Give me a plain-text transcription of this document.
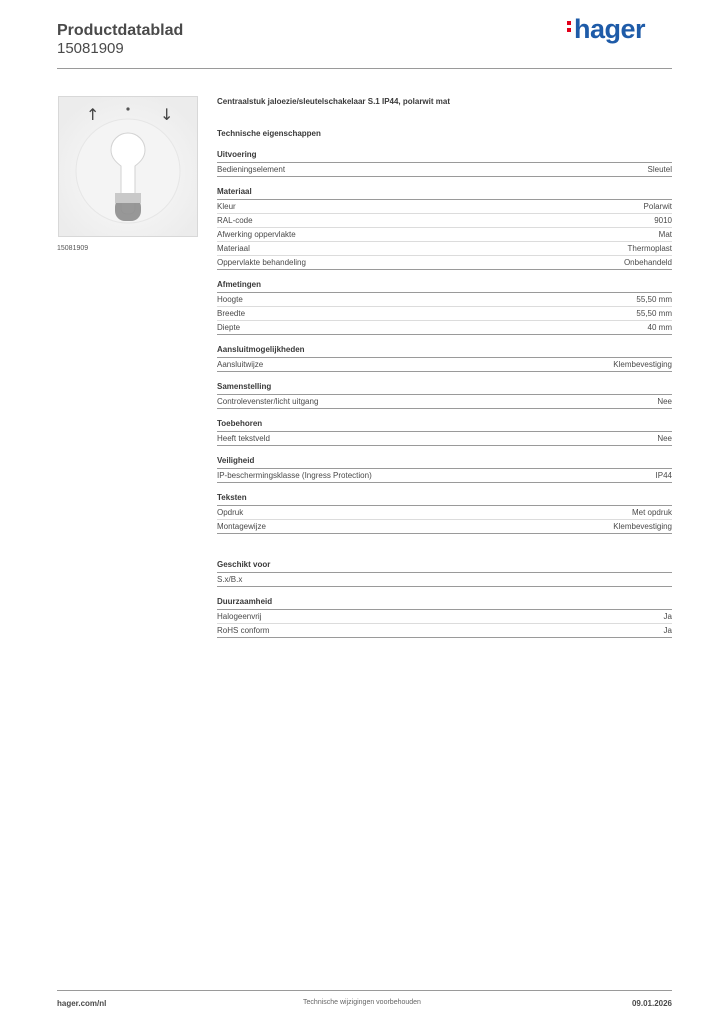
Productdatablad
15081909
hager
↑	↓
15081909
Centraalstuk jaloezie/sleutelschakelaar S.1 IP44, polarwit mat
Technische eigenschappen
Uitvoering
Bedieningselement	Sleutel
Materiaal
Kleur	Polarwit
RAL-code	9010
Afwerking oppervlakte	Mat
Materiaal	Thermoplast
Oppervlakte behandeling	Onbehandeld
Afmetingen
Hoogte	55,50 mm
Breedte	55,50 mm
Diepte	40 mm
Aansluitmogelijkheden
Aansluitwijze	Klembevestiging
Samenstelling
Controlevenster/licht uitgang	Nee
Toebehoren
Heeft tekstveld	Nee
Veiligheid
IP-beschermingsklasse (Ingress Protection)	IP44
Teksten
Opdruk	Met opdruk
Montagewijze	Klembevestiging
Geschikt voor
S.x/B.x
Duurzaamheid
Halogeenvrij	Ja
RoHS conform	Ja
hager.com/nl	Technische wijzigingen voorbehouden	09.01.2026
